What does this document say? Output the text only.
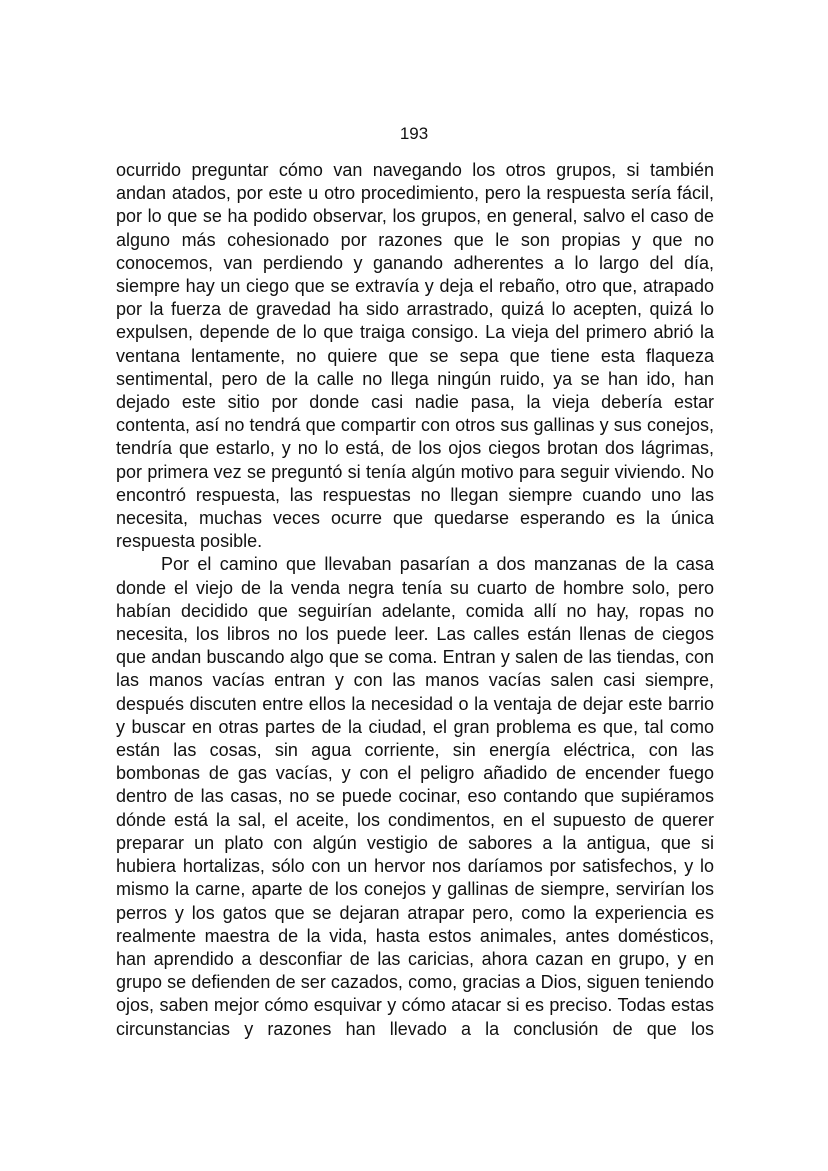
193

ocurrido preguntar cómo van navegando los otros grupos, si también andan atados, por este u otro procedimiento, pero la respuesta sería fácil, por lo que se ha podido observar, los grupos, en general, salvo el caso de alguno más cohesionado por razones que le son propias y que no conocemos, van perdiendo y ganando adherentes a lo largo del día, siempre hay un ciego que se extravía y deja el rebaño, otro que, atrapado por la fuerza de gravedad ha sido arrastrado, quizá lo acepten, quizá lo expulsen, depende de lo que traiga consigo. La vieja del primero abrió la ventana lentamente, no quiere que se sepa que tiene esta flaqueza sentimental, pero de la calle no llega ningún ruido, ya se han ido, han dejado este sitio por donde casi nadie pasa, la vieja debería estar contenta, así no tendrá que compartir con otros sus gallinas y sus conejos, tendría que estarlo, y no lo está, de los ojos ciegos brotan dos lágrimas, por primera vez se preguntó si tenía algún motivo para seguir viviendo. No encontró respuesta, las respuestas no llegan siempre cuando uno las necesita, muchas veces ocurre que quedarse esperando es la única respuesta posible.

Por el camino que llevaban pasarían a dos manzanas de la casa donde el viejo de la venda negra tenía su cuarto de hombre solo, pero habían decidido que seguirían adelante, comida allí no hay, ropas no necesita, los libros no los puede leer. Las calles están llenas de ciegos que andan buscando algo que se coma. Entran y salen de las tiendas, con las manos vacías entran y con las manos vacías salen casi siempre, después discuten entre ellos la necesidad o la ventaja de dejar este barrio y buscar en otras partes de la ciudad, el gran problema es que, tal como están las cosas, sin agua corriente, sin energía eléctrica, con las bombonas de gas vacías, y con el peligro añadido de encender fuego dentro de las casas, no se puede cocinar, eso contando que supiéramos dónde está la sal, el aceite, los condimentos, en el supuesto de querer preparar un plato con algún vestigio de sabores a la antigua, que si hubiera hortalizas, sólo con un hervor nos daríamos por satisfechos, y lo mismo la carne, aparte de los conejos y gallinas de siempre, servirían los perros y los gatos que se dejaran atrapar pero, como la experiencia es realmente maestra de la vida, hasta estos animales, antes domésticos, han aprendido a desconfiar de las caricias, ahora cazan en grupo, y en grupo se defienden de ser cazados, como, gracias a Dios, siguen teniendo ojos, saben mejor cómo esquivar y cómo atacar si es preciso. Todas estas circunstancias y razones han llevado a la conclusión de que los
